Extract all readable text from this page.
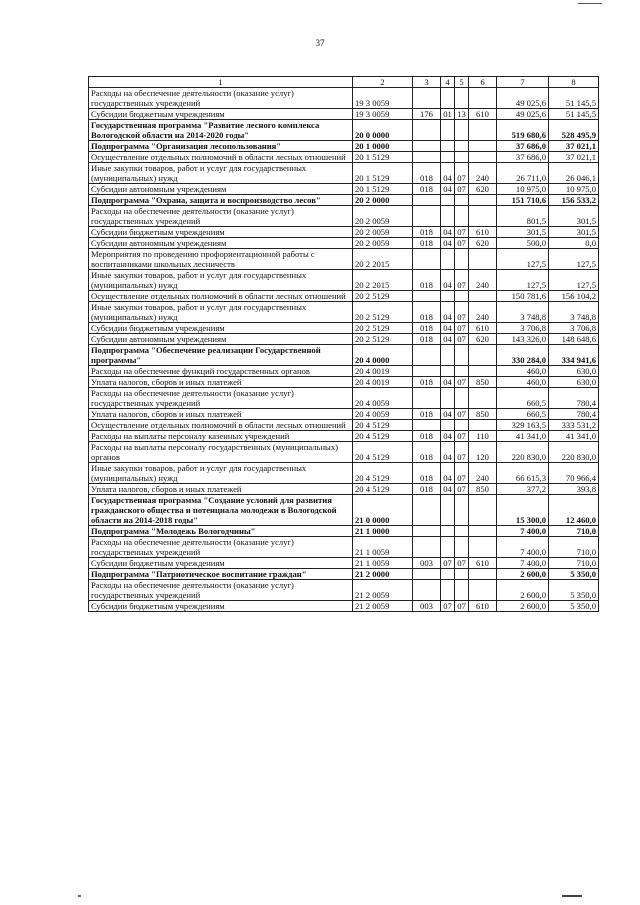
37
1	2	3	4	5	6	7	8
Расходы на обеспечение деятельности (оказание услуг) государственных учреждений	19 3 0059					49 025,6	51 145,5
Субсидии бюджетным учреждениям	19 3 0059	176	01	13	610	49 025,6	51 145,5
Государственная программа "Развитие лесного комплекса Вологодской области на 2014-2020 годы"	20 0 0000					519 680,6	528 495,9
Подпрограмма "Организация лесопользования"	20 1 0000					37 686,0	37 021,1
Осуществление отдельных полномочий в области лесных отношений	20 1 5129					37 686,0	37 021,1
Иные закупки товаров, работ и услуг для государственных (муниципальных) нужд	20 1 5129	018	04	07	240	26 711,0	26 046,1
Субсидии автономным учреждениям	20 1 5129	018	04	07	620	10 975,0	10 975,0
Подпрограмма "Охрана, защита и воспроизводство лесов"	20 2 0000					151 710,6	156 533,2
Расходы на обеспечение деятельности (оказание услуг) государственных учреждений	20 2 0059					801,5	301,5
Субсидии бюджетным учреждениям	20 2 0059	018	04	07	610	301,5	301,5
Субсидии автономным учреждениям	20 2 0059	018	04	07	620	500,0	0,0
Мероприятия по проведению профориентационной работы с воспитанниками школьных лесничеств	20 2 2015					127,5	127,5
Иные закупки товаров, работ и услуг для государственных (муниципальных) нужд	20 2 2015	018	04	07	240	127,5	127,5
Осуществление отдельных полномочий в области лесных отношений	20 2 5129					150 781,6	156 104,2
Иные закупки товаров, работ и услуг для государственных (муниципальных) нужд	20 2 5129	018	04	07	240	3 748,8	3 748,8
Субсидии бюджетным учреждениям	20 2 5129	018	04	07	610	3 706,8	3 706,8
Субсидии автономным учреждениям	20 2 5129	018	04	07	620	143 326,0	148 648,6
Подпрограмма "Обеспечение реализации Государственной программы"	20 4 0000					330 284,0	334 941,6
Расходы на обеспечение функций государственных органов	20 4 0019					460,0	630,0
Уплата налогов, сборов и иных платежей	20 4 0019	018	04	07	850	460,0	630,0
Расходы на обеспечение деятельности (оказание услуг) государственных учреждений	20 4 0059					660,5	780,4
Уплата налогов, сборов и иных платежей	20 4 0059	018	04	07	850	660,5	780,4
Осуществление отдельных полномочий в области лесных отношений	20 4 5129					329 163,5	333 531,2
Расходы на выплаты персоналу казенных учреждений	20 4 5129	018	04	07	110	41 341,0	41 341,0
Расходы на выплаты персоналу государственных (муниципальных) органов	20 4 5129	018	04	07	120	220 830,0	220 830,0
Иные закупки товаров, работ и услуг для государственных (муниципальных) нужд	20 4 5129	018	04	07	240	66 615,3	70 966,4
Уплата налогов, сборов и иных платежей	20 4 5129	018	04	07	850	377,2	393,8
Государственная программа "Создание условий для развития гражданского общества и потенциала молодежи в Вологодской области на 2014-2018 годы"	21 0 0000					15 300,0	12 460,0
Подпрограмма "Молодежь Вологодчины"	21 1 0000					7 400,0	710,0
Расходы на обеспечение деятельности (оказание услуг) государственных учреждений	21 1 0059					7 400,0	710,0
Субсидии бюджетным учреждениям	21 1 0059	003	07	07	610	7 400,0	710,0
Подпрограмма "Патриотическое воспитание граждан"	21 2 0000					2 600,0	5 350,0
Расходы на обеспечение деятельности (оказание услуг) государственных учреждений	21 2 0059					2 600,0	5 350,0
Субсидии бюджетным учреждениям	21 2 0059	003	07	07	610	2 600,0	5 350,0
